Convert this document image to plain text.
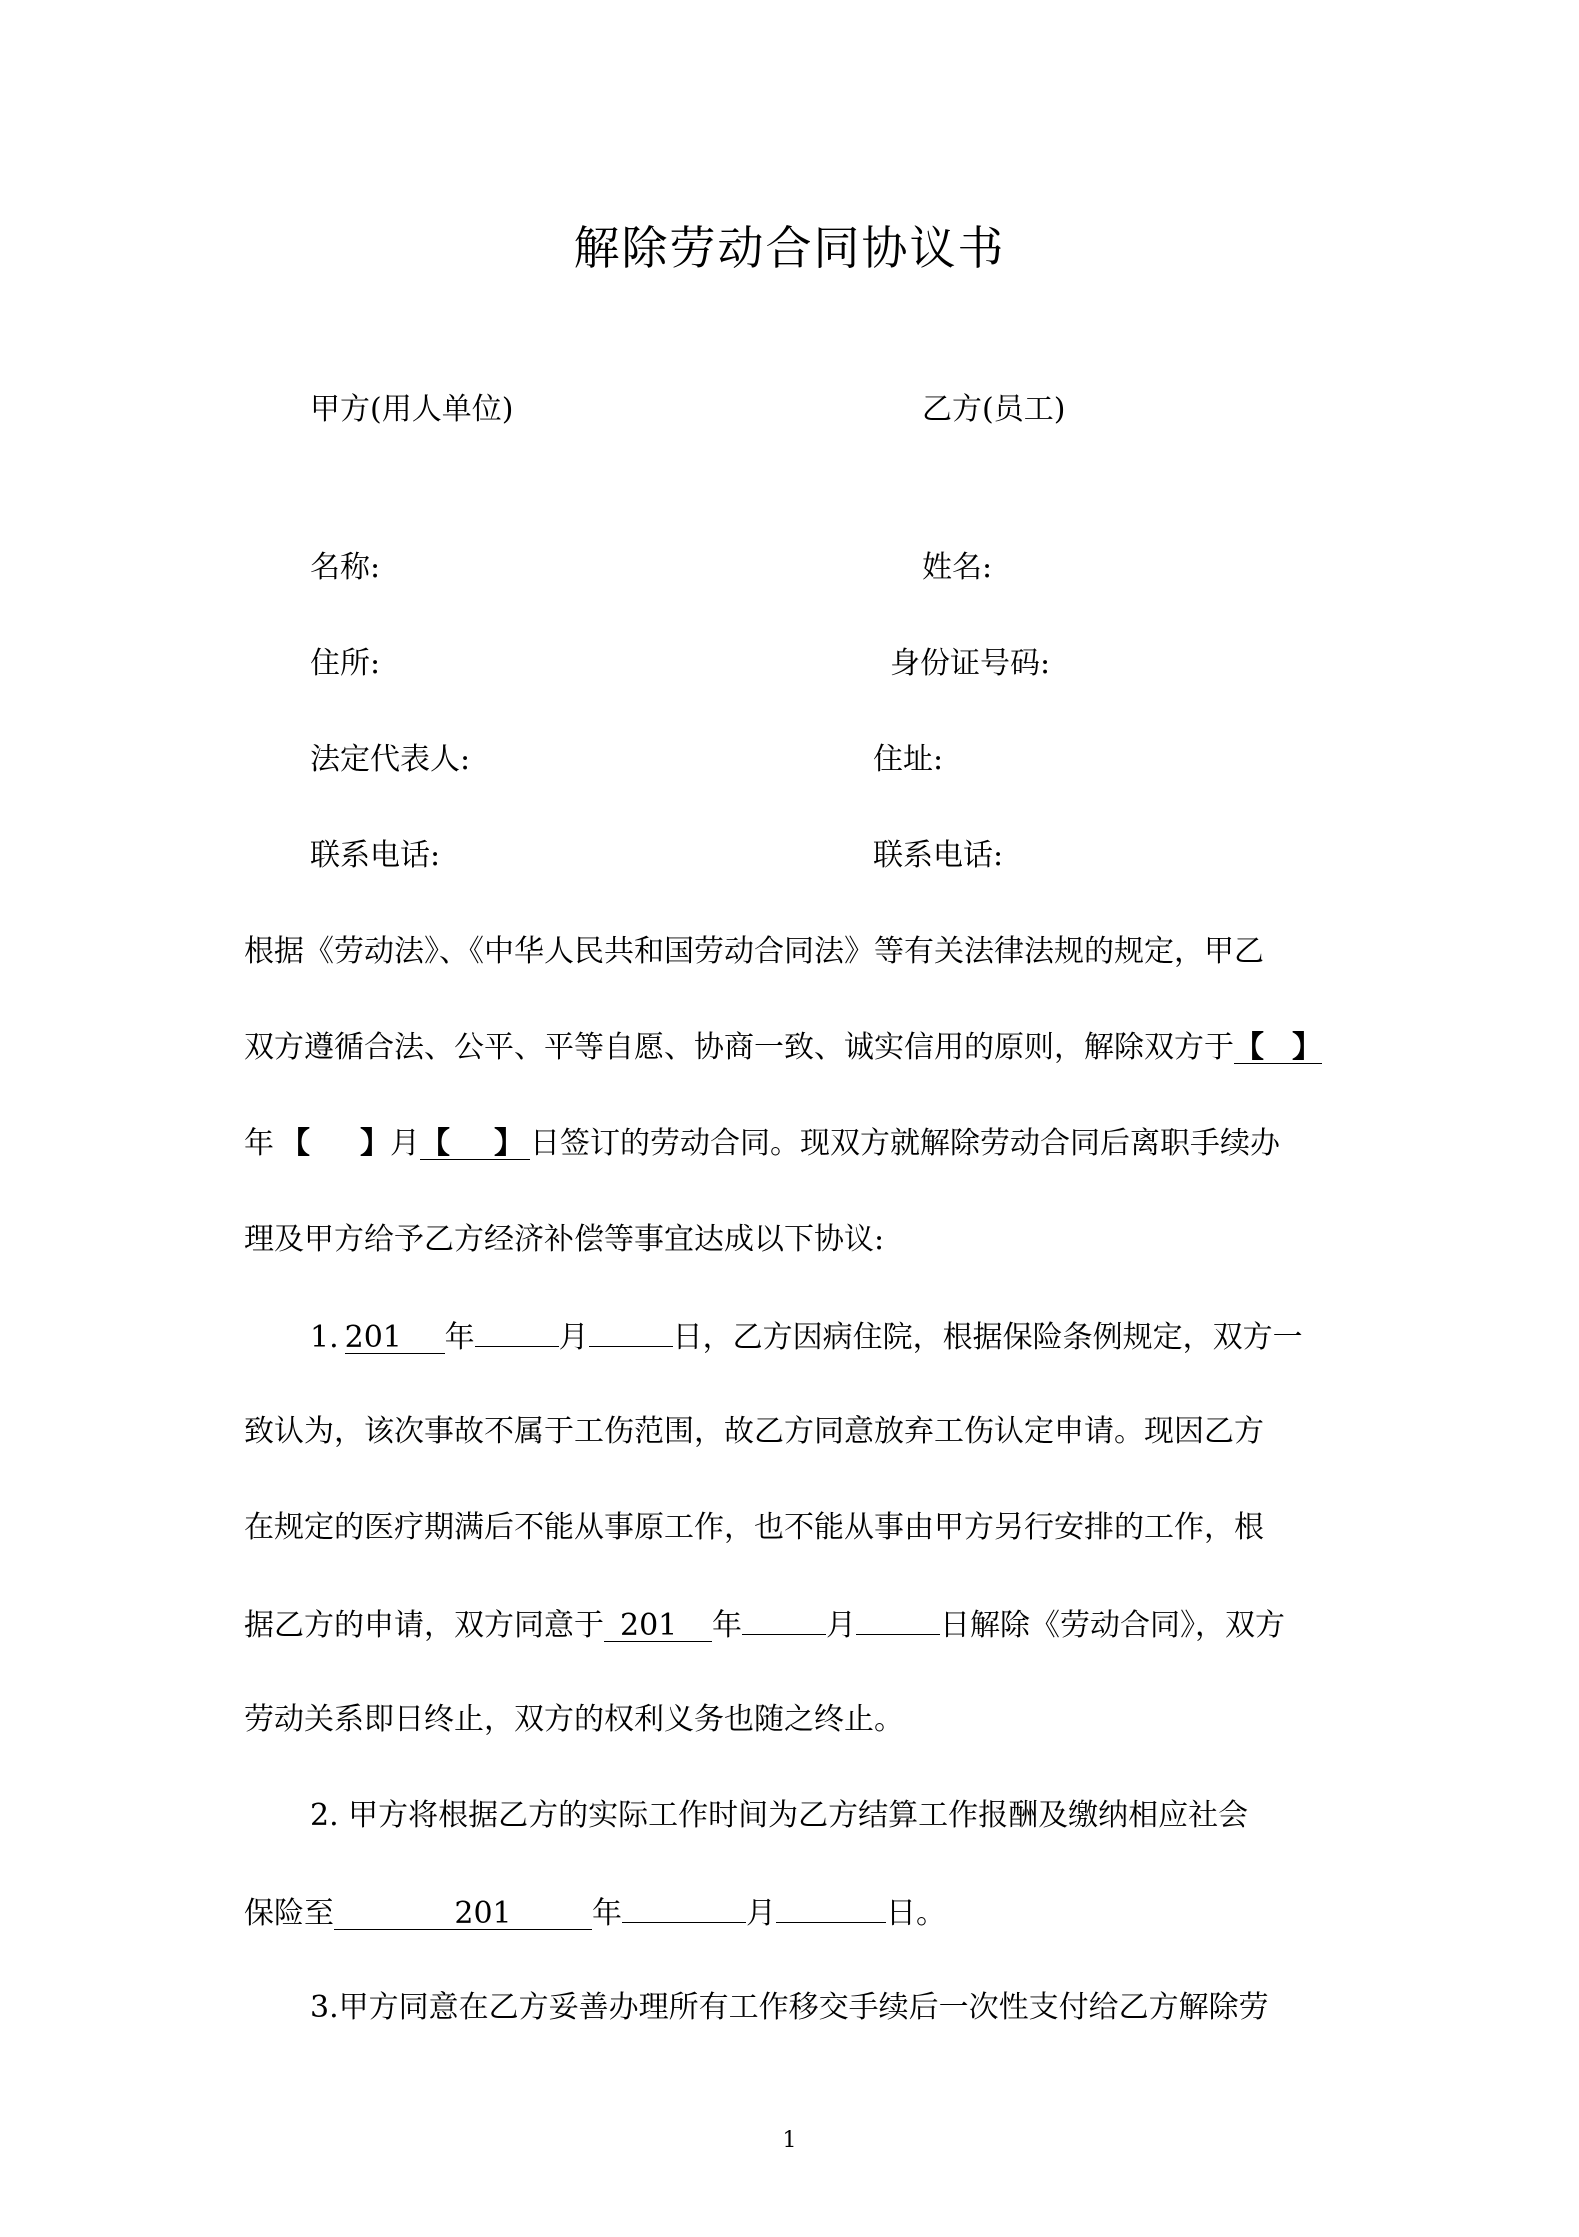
解除劳动合同协议书
甲方(用人单位)	乙方(员工)
名称:	姓名:
住所:	身份证号码:
法定代表人:	住址:
联系电话:	联系电话:
根据《劳动法》、《中华人民共和国劳动合同法》等有关法律法规的规定，甲乙
双方遵循合法、公平、平等自愿、协商一致、诚实信用的原则，解除双方于【 】
年 【 】月【 】 日签订的劳动合同。现双方就解除劳动合同后离职手续办
理及甲方给予乙方经济补偿等事宜达成以下协议:
1. 201 年	月	日，乙方因病住院，根据保险条例规定，双方一
致认为，该次事故不属于工伤范围，故乙方同意放弃工伤认定申请。现因乙方
在规定的医疗期满后不能从事原工作，也不能从事由甲方另行安排的工作，根
据乙方的申请，双方同意于 201 年	月	日解除《劳动合同》，双方
劳动关系即日终止，双方的权利义务也随之终止。
2. 甲方将根据乙方的实际工作时间为乙方结算工作报酬及缴纳相应社会
保险至	201	年	月	日。
3.甲方同意在乙方妥善办理所有工作移交手续后一次性支付给乙方解除劳
1
